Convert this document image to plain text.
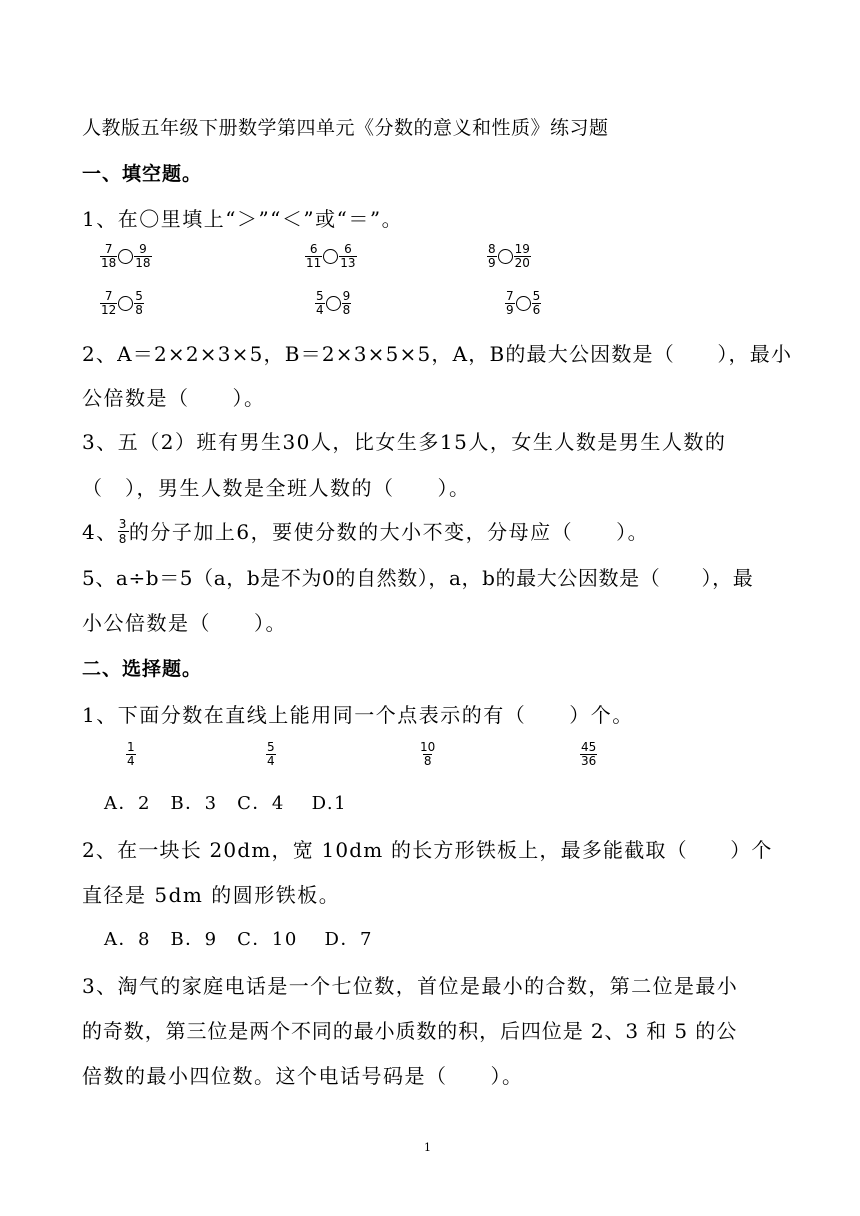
人教版五年级下册数学第四单元《分数的意义和性质》练习题
一、填空题。
1、在〇里填上“＞”“＜”或“＝”。
$\frac{7}{18} \frac{9}{18}$	$\frac{6}{11} \frac{6}{13}$	$\frac{8}{9} \frac{19}{20}$
$\frac{7}{12} \frac{5}{8}$	$\frac{5}{4} \frac{9}{8}$	$\frac{7}{9} \frac{5}{6}$
2、A＝2×2×3×5，B＝2×3×5×5，A，B的最大公因数是（　　），最小
公倍数是（　　）。
3、五（2）班有男生30人，比女生多15人，女生人数是男生人数的
（　），男生人数是全班人数的（　　）。
4、 $\frac{3}{8}$ 的分子加上6，要使分数的大小不变，分母应（　　）。
5、a÷b＝5（a，b是不为0的自然数），a，b的最大公因数是（　　），最
小公倍数是（　　）。
二、选择题。
1、下面分数在直线上能用同一个点表示的有（　　）个。
$\frac{1}{4}$	$\frac{5}{4}$	$\frac{10}{8}$	$\frac{45}{36}$
A．2　B．3　C．4　 D.1
2、在一块长 20dm，宽 10dm 的长方形铁板上，最多能截取（　　）个
直径是 5dm 的圆形铁板。
A．8　B．9　C．10　 D．7
3、淘气的家庭电话是一个七位数，首位是最小的合数，第二位是最小
的奇数，第三位是两个不同的最小质数的积，后四位是 2、3 和 5 的公
倍数的最小四位数。这个电话号码是（　　）。
1
